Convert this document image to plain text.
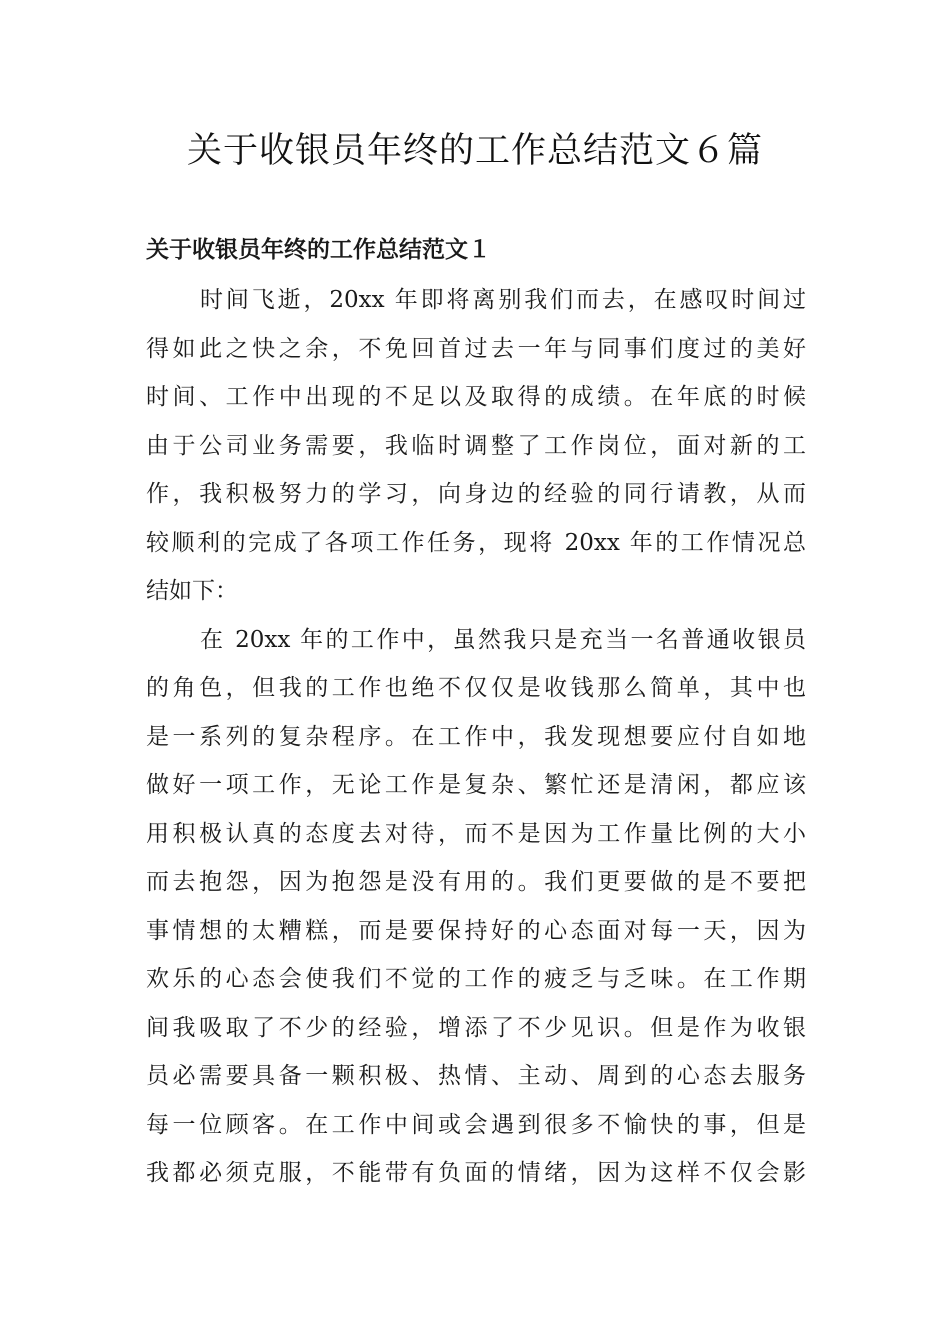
关于收银员年终的工作总结范文６篇
关于收银员年终的工作总结范文１

时间飞逝，20xx 年即将离别我们而去，在感叹时间过
得如此之快之余，不免回首过去一年与同事们度过的美好
时间、工作中出现的不足以及取得的成绩。在年底的时候
由于公司业务需要，我临时调整了工作岗位，面对新的工
作，我积极努力的学习，向身边的经验的同行请教，从而
较顺利的完成了各项工作任务，现将 20xx 年的工作情况总
结如下：

在 20xx 年的工作中，虽然我只是充当一名普通收银员
的角色，但我的工作也绝不仅仅是收钱那么简单，其中也
是一系列的复杂程序。在工作中，我发现想要应付自如地
做好一项工作，无论工作是复杂、繁忙还是清闲，都应该
用积极认真的态度去对待，而不是因为工作量比例的大小
而去抱怨，因为抱怨是没有用的。我们更要做的是不要把
事情想的太糟糕，而是要保持好的心态面对每一天，因为
欢乐的心态会使我们不觉的工作的疲乏与乏味。在工作期
间我吸取了不少的经验，增添了不少见识。但是作为收银
员必需要具备一颗积极、热情、主动、周到的心态去服务
每一位顾客。在工作中间或会遇到很多不愉快的事，但是
我都必须克服，不能带有负面的情绪，因为这样不仅会影
